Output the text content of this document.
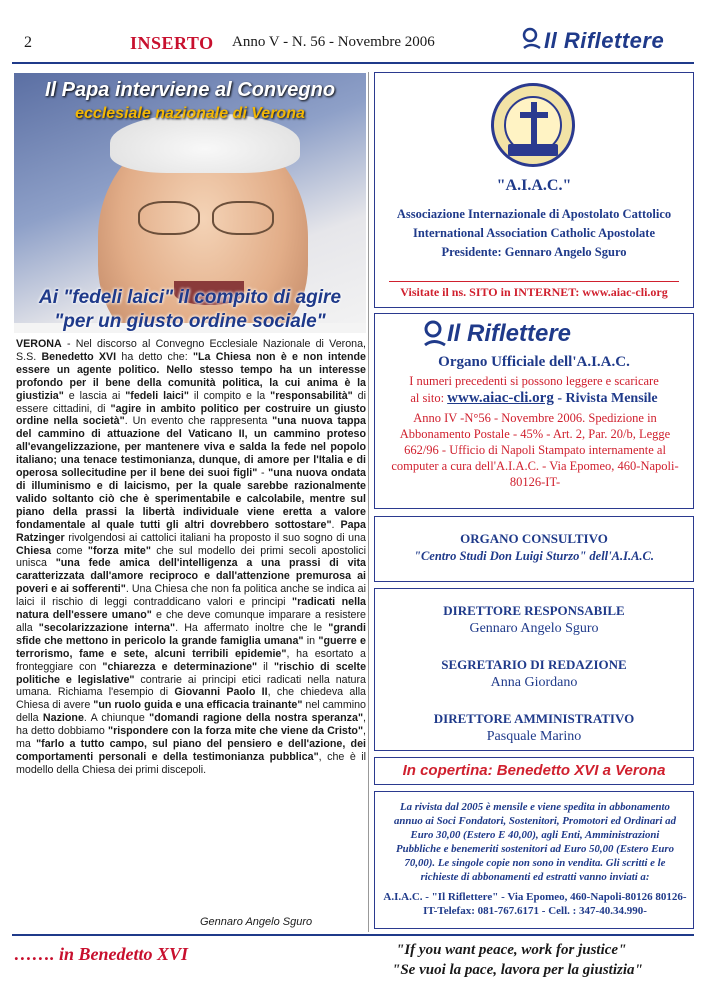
2	INSERTO Anno V - N. 56 - Novembre 2006	Il Riflettere
Il Papa interviene al Convegno
ecclesiale nazionale di Verona
Ai "fedeli laici" il compito di agire
"per un giusto ordine sociale"

VERONA - Nel discorso al Convegno Ecclesiale Nazionale di Verona, S.S. Benedetto XVI ha detto che: "La Chiesa non è e non intende essere un agente politico. Nello stesso tempo ha un interesse profondo per il bene della comunità politica, la cui anima è la giustizia" e lascia ai "fedeli laici" il compito e la "responsabilità" di essere cittadini, di "agire in ambito politico per costruire un giusto ordine nella società". Un evento che rappresenta "una nuova tappa del cammino di attuazione del Vaticano II, un cammino proteso all'evangelizzazione, per mantenere viva e salda la fede nel popolo italiano; una tenace testimonianza, dunque, di amore per l'Italia e di operosa sollecitudine per il bene dei suoi figli" - "una nuova ondata di illuminismo e di laicismo, per la quale sarebbe razionalmente valido soltanto ciò che è sperimentabile e calcolabile, mentre sul piano della prassi la libertà individuale viene eretta a valore fondamentale al quale tutti gli altri dovrebbero sottostare". Papa Ratzinger rivolgendosi ai cattolici italiani ha proposto il suo sogno di una Chiesa come "forza mite" che sul modello dei primi secoli apostolici unisca "una fede amica dell'intelligenza a una prassi di vita caratterizzata dall'amore reciproco e dall'attenzione premurosa ai poveri e ai sofferenti". Una Chiesa che non fa politica anche se indica ai laici il rischio di leggi contraddicano valori e principi "radicati nella natura dell'essere umano" e che deve comunque imparare a resistere alla "secolarizzazione interna". Ha affermato inoltre che le "grandi sfide che mettono in pericolo la grande famiglia umana" in "guerre e terrorismo, fame e sete, alcuni terribili epidemie", ha esortato a fronteggiare con "chiarezza e determinazione" il "rischio di scelte politiche e legislative" contrarie ai principi etici radicati nella natura umana. Richiama l'esempio di Giovanni Paolo II, che chiedeva alla Chiesa di avere "un ruolo guida e una efficacia trainante" nel cammino della Nazione. A chiunque "domandi ragione della nostra speranza", ha detto dobbiamo "rispondere con la forza mite che viene da Cristo", ma "farlo a tutto campo, sul piano del pensiero e dell'azione, dei comportamenti personali e della testimonianza pubblica", che è il modello della Chiesa dei primi discepoli.

Gennaro Angelo Sguro
"A.I.A.C."
Associazione Internazionale di Apostolato Cattolico
International Association Catholic Apostolate
Presidente: Gennaro Angelo Sguro
Visitate il ns. SITO in INTERNET: www.aiac-cli.org
Il Riflettere
Organo Ufficiale dell'A.I.A.C.
I numeri precedenti si possono leggere e scaricare
al sito: www.aiac-cli.org - Rivista Mensile
Anno IV -N°56 - Novembre 2006. Spedizione in Abbonamento Postale - 45% - Art. 2, Par. 20/b, Legge 662/96 - Ufficio di Napoli Stampato internamente al computer a cura dell'A.I.A.C. - Via Epomeo, 460-Napoli-80126-IT-
ORGANO CONSULTIVO
"Centro Studi Don Luigi Sturzo" dell'A.I.A.C.
DIRETTORE RESPONSABILE
Gennaro Angelo Sguro
SEGRETARIO DI REDAZIONE
Anna Giordano
DIRETTORE AMMINISTRATIVO
Pasquale Marino
In copertina: Benedetto XVI a Verona
La rivista dal 2005 è mensile e viene spedita in abbonamento annuo ai Soci Fondatori, Sostenitori, Promotori ed Ordinari ad Euro 30,00 (Estero E 40,00), agli Enti, Amministrazioni Pubbliche e benemeriti sostenitori ad Euro 50,00 (Estero Euro 70,00). Le singole copie non sono in vendita. Gli scritti e le richieste di abbonamenti ed estratti vanno inviati a:
A.I.A.C. - "Il Riflettere" - Via Epomeo, 460-Napoli-80126 80126-IT-Telefax: 081-767.6171 - Cell. : 347-40.34.990-
……. in Benedetto XVI	"If you want peace, work for justice"
"Se vuoi la pace, lavora per la giustizia"
